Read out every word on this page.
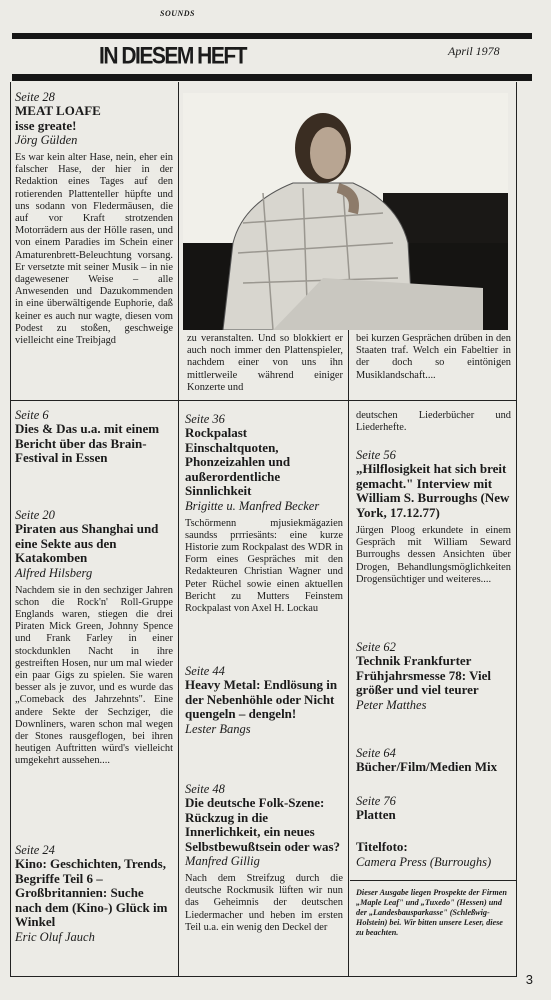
SOUNDS
IN DIESEM HEFT	April 1978
Seite 28
MEAT LOAFE
isse greate!
Jörg Gülden

Es war kein alter Hase, nein, eher ein falscher Hase, der hier in der Redaktion eines Tages auf den rotierenden Plattenteller hüpfte und uns sodann von Fledermäusen, die auf vor Kraft strotzenden Motorrädern aus der Hölle rasen, und von einem Paradies im Schein einer Amaturenbrett-Beleuchtung vorsang. Er versetzte mit seiner Musik – in nie dagewesener Weise – alle Anwesenden und Dazukommenden in eine überwältigende Euphorie, daß keiner es auch nur wagte, diesen vom Podest zu stoßen, geschweige vielleicht eine Treibjagd	zu veranstalten. Und so blokkiert er auch noch immer den Plattenspieler, nachdem einer von uns ihn mittlerweile während einiger Konzerte und
bei kurzen Gesprächen drüben in den Staaten traf. Welch ein Fabeltier in der doch so eintönigen Musiklandschaft....
Seite 6
Dies & Das u.a. mit einem Bericht über das Brain-Festival in Essen
Seite 20
Piraten aus Shanghai und eine Sekte aus den Katakomben
Alfred Hilsberg

Nachdem sie in den sechziger Jahren schon die Rock'n' Roll-Gruppe Englands waren, stiegen die drei Piraten Mick Green, Johnny Spence und Frank Farley in einer stockdunklen Nacht in ihre gestreiften Hosen, nur um mal wieder ein paar Gigs zu spielen. Sie waren besser als je zuvor, und es wurde das „Comeback des Jahrzehnts". Eine andere Sekte der Sechziger, die Downliners, waren schon mal wegen der Stones rausgeflogen, bei ihren heutigen Auftritten würd's vielleicht umgekehrt aussehen....

Seite 24
Kino: Geschichten, Trends, Begriffe Teil 6 – Großbritannien: Suche nach dem (Kino-) Glück im Winkel
Eric Oluf Jauch
Seite 36
Rockpalast Einschaltquoten, Phonzeizahlen und außerordentliche Sinnlichkeit
Brigitte u. Manfred Becker

Tschörmenn mjusiekmägazien saundss prrriesänts: eine kurze Historie zum Rockpalast des WDR in Form eines Gespräches mit den Redakteuren Christian Wagner und Peter Rüchel sowie einen aktuellen Bericht zu Mutters Feinstem Rockpalast von Axel H. Lockau

Seite 44
Heavy Metal: Endlösung in der Nebenhöhle oder Nicht quengeln – dengeln!
Lester Bangs
Seite 48
Die deutsche Folk-Szene: Rückzug in die Innerlichkeit, ein neues Selbstbewußtsein oder was?
Manfred Gillig

Nach dem Streifzug durch die deutsche Rockmusik lüften wir nun das Geheimnis der deutschen Liedermacher und heben im ersten Teil u.a. ein wenig den Deckel der

deutschen Liederbücher und Liederhefte.
Seite 56
„Hilflosigkeit hat sich breit gemacht." Interview mit William S. Burroughs (New York, 17.12.77)

Jürgen Ploog erkundete in einem Gespräch mit William Seward Burroughs dessen Ansichten über Drogen, Behandlungsmöglichkeiten Drogensüchtiger und weiteres....

Seite 62
Technik Frankfurter Frühjahrsmesse 78: Viel größer und viel teurer
Peter Matthes
Seite 64
Bücher/Film/Medien Mix
Seite 76
Platten
Titelfoto:
Camera Press (Burroughs)
Dieser Ausgabe liegen Prospekte der Firmen „Maple Leaf" und „Tuxedo" (Hessen) und der „Landesbausparkasse" (Schleßwig-Holstein) bei. Wir bitten unsere Leser, diese zu beachten.
3
